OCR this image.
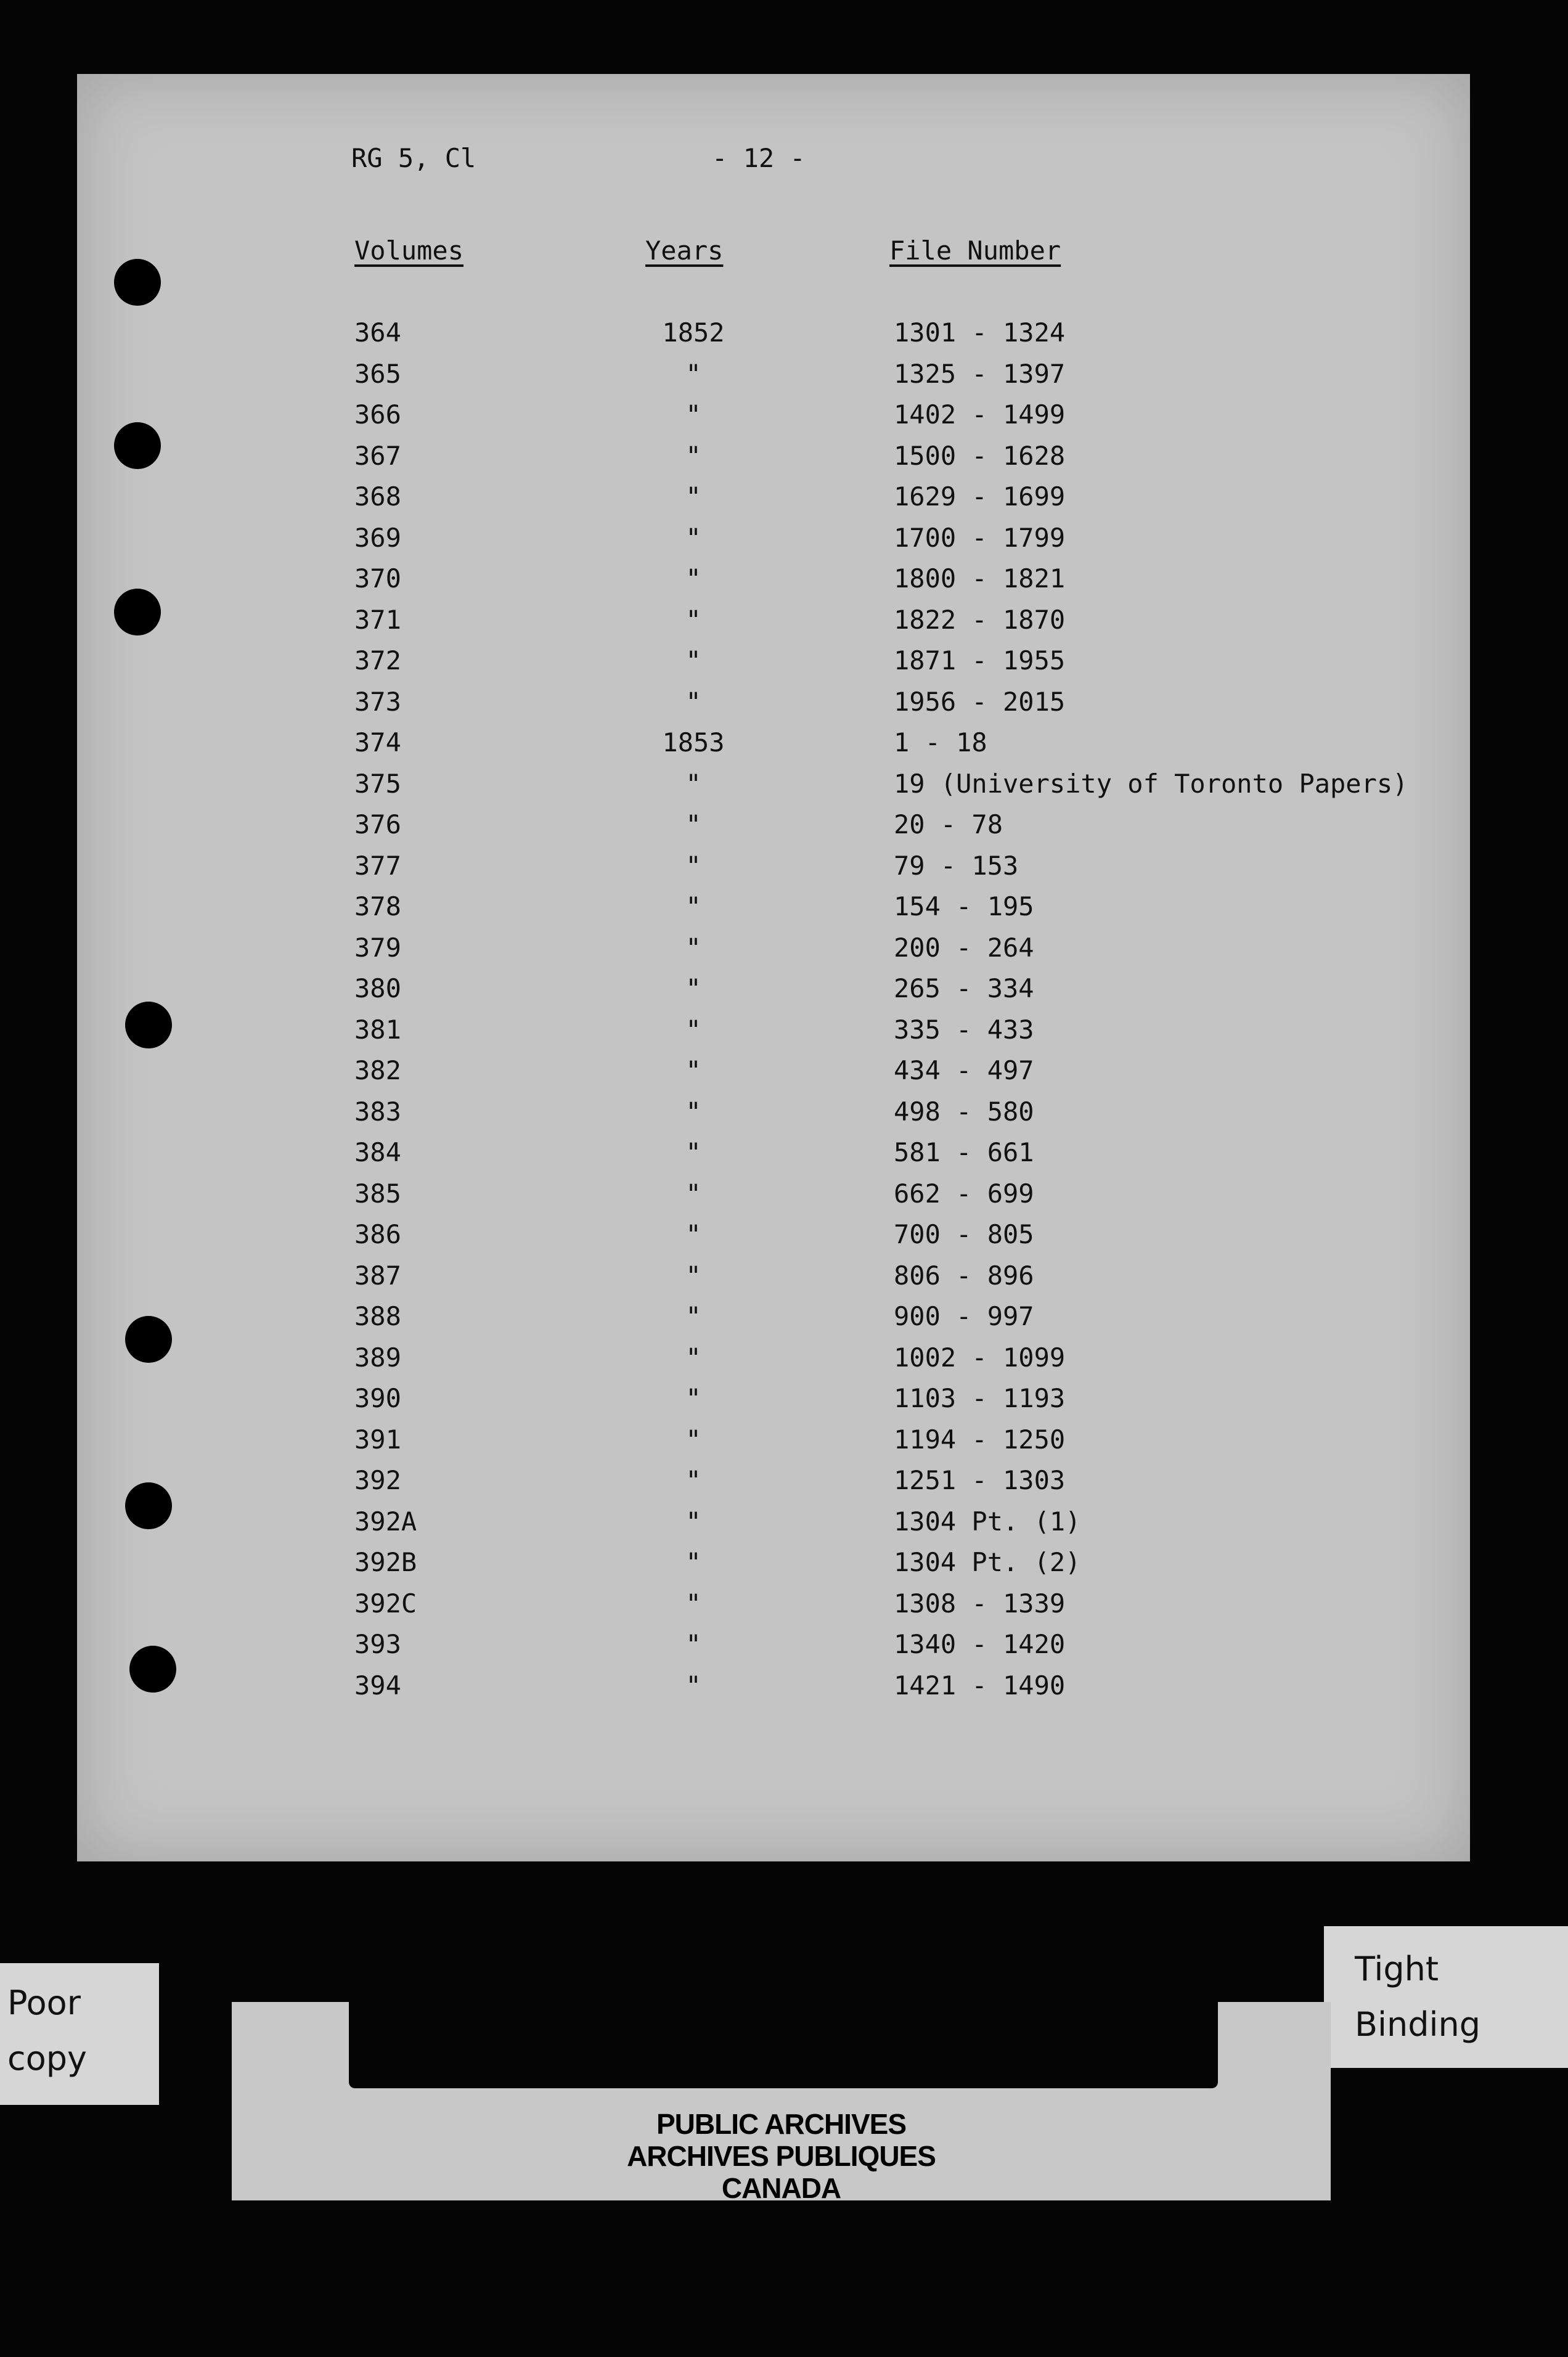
RG 5, Cl	- 12 -
Volumes	Years	File Number
364	1852	1301 - 1324
365	"	1325 - 1397
366	"	1402 - 1499
367	"	1500 - 1628
368	"	1629 - 1699
369	"	1700 - 1799
370	"	1800 - 1821
371	"	1822 - 1870
372	"	1871 - 1955
373	"	1956 - 2015
374	1853	1 - 18
375	"	19 (University of Toronto Papers)
376	"	20 - 78
377	"	79 - 153
378	"	154 - 195
379	"	200 - 264
380	"	265 - 334
381	"	335 - 433
382	"	434 - 497
383	"	498 - 580
384	"	581 - 661
385	"	662 - 699
386	"	700 - 805
387	"	806 - 896
388	"	900 - 997
389	"	1002 - 1099
390	"	1103 - 1193
391	"	1194 - 1250
392	"	1251 - 1303
392A	"	1304 Pt. (1)
392B	"	1304 Pt. (2)
392C	"	1308 - 1339
393	"	1340 - 1420
394	"	1421 - 1490
Poor
copy
Tight
Binding
PUBLIC ARCHIVES
ARCHIVES PUBLIQUES
CANADA
